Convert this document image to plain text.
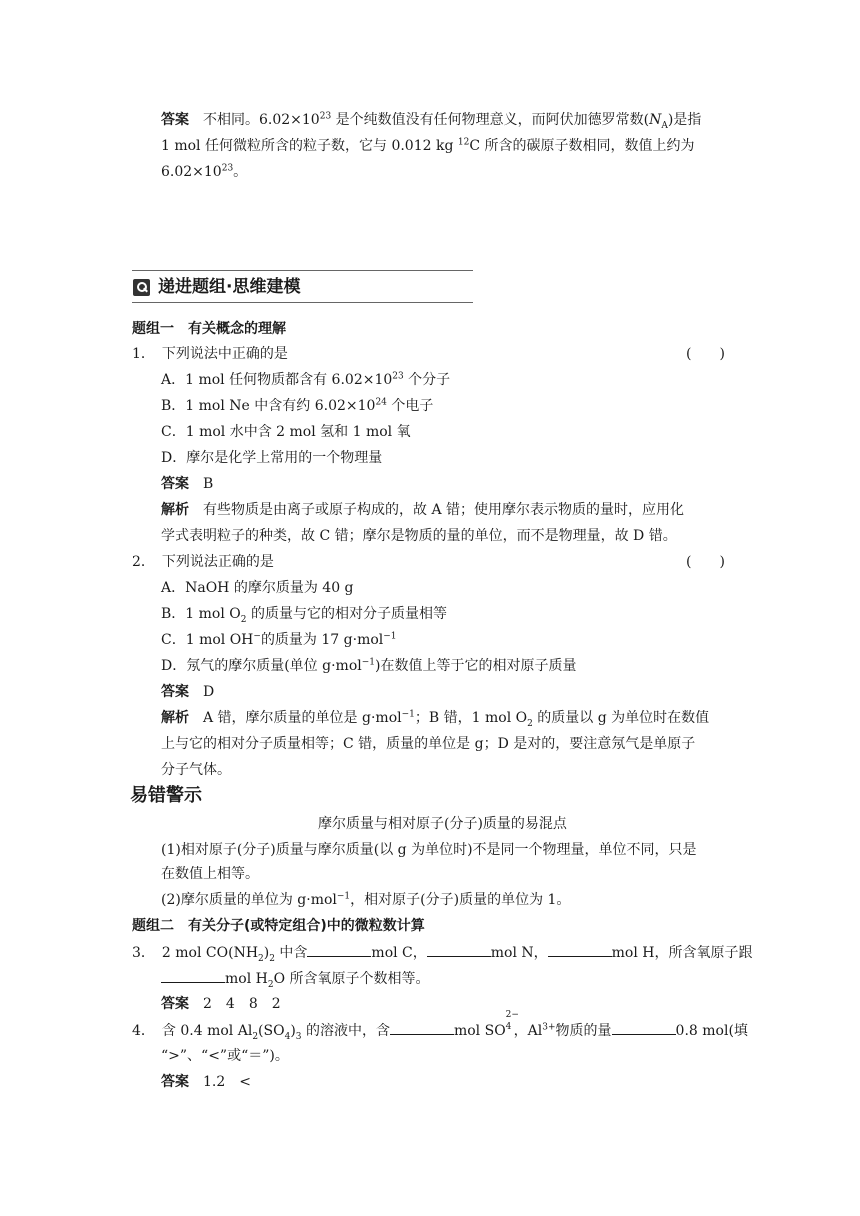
答案　 不相同。$6.02\times 10^{23}$ 是个纯数值没有任何物理意义，而阿伏加德罗常数$(N_A)$是指
1 mol 任何微粒所含的粒子数，它与 0.012 kg $^{12}$C 所含的碳原子数相同，数值上约为
$6.02\times 10^{23}$。
递进题组·思维建模
题组一　有关概念的理解
1．　 下列说法中正确的是	(　　)
A．1 mol 任何物质都含有 $6.02\times 10^{23}$ 个分子
B．1 mol Ne 中含有约 $6.02\times 10^{24}$ 个电子
C．1 mol 水中含 2 mol 氢和 1 mol 氧
D．摩尔是化学上常用的一个物理量
答案　 B
解析　 有些物质是由离子或原子构成的，故 A 错；使用摩尔表示物质的量时，应用化
学式表明粒子的种类，故 C 错；摩尔是物质的量的单位，而不是物理量，故 D 错。
2．　 下列说法正确的是	(　　)
A．NaOH 的摩尔质量为 40 g
B．1 mol $O_2$ 的质量与它的相对分子质量相等
C．1 mol OH−的质量为 17 g·mol$^{-1}$
D．氖气的摩尔质量(单位 g·mol$^{-1}$)在数值上等于它的相对原子质量
答案　 D
解析　 A 错，摩尔质量的单位是 g·mol$^{-1}$；B 错，1 mol $O_2$ 的质量以 g 为单位时在数值
上与它的相对分子质量相等；C 错，质量的单位是 g；D 是对的，要注意氖气是单原子
分子气体。
易错警示
摩尔质量与相对原子(分子)质量的易混点
(1)相对原子(分子)质量与摩尔质量(以 g 为单位时)不是同一个物理量，单位不同，只是
在数值上相等。
(2)摩尔质量的单位为 g·mol$^{-1}$，相对原子(分子)质量的单位为 1。
题组二　有关分子(或特定组合)中的微粒数计算
3．　 2 mol $CO(NH_2)_2$ 中含	mol C，	mol N，	mol H，所含氧原子跟
mol $H_2O$ 所含氧原子个数相等。
答案　 2　4　8　2
4．　 含 0.4 mol $Al_2(SO_4)_3$ 的溶液中，含	mol SO
2−
4 ，$Al^{3+}$物质的量	0.8 mol(填
“>”、“<”或“＝”)。
答案　 1.2　<
